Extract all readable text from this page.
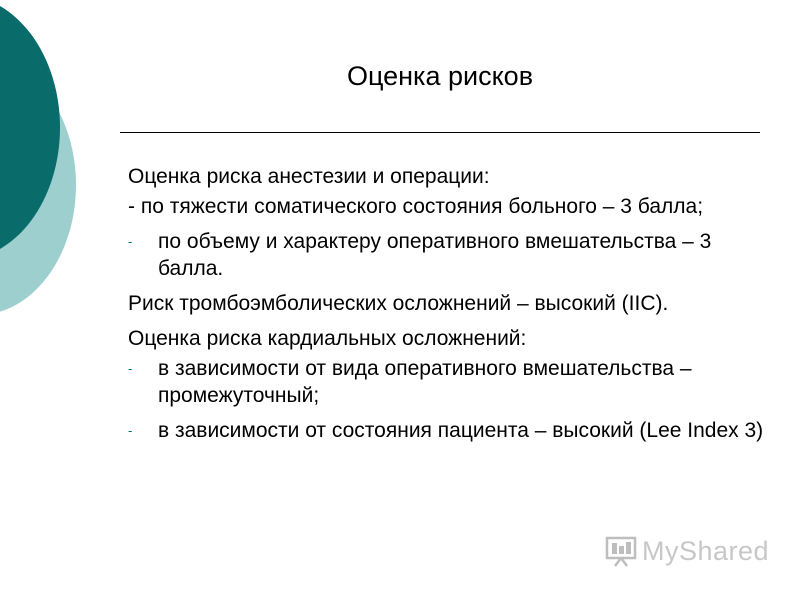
Оценка рисков
Оценка риска анестезии и операции:
- по тяжести соматического состояния больного – 3 балла;
-	по объему и характеру оперативного вмешательства – 3 балла.
Риск тромбоэмболических осложнений – высокий (IIС).
Оценка риска кардиальных осложнений:
-	в зависимости от вида оперативного вмешательства – промежуточный;
-	в зависимости от состояния пациента – высокий (Lee Index 3)
MyShared
